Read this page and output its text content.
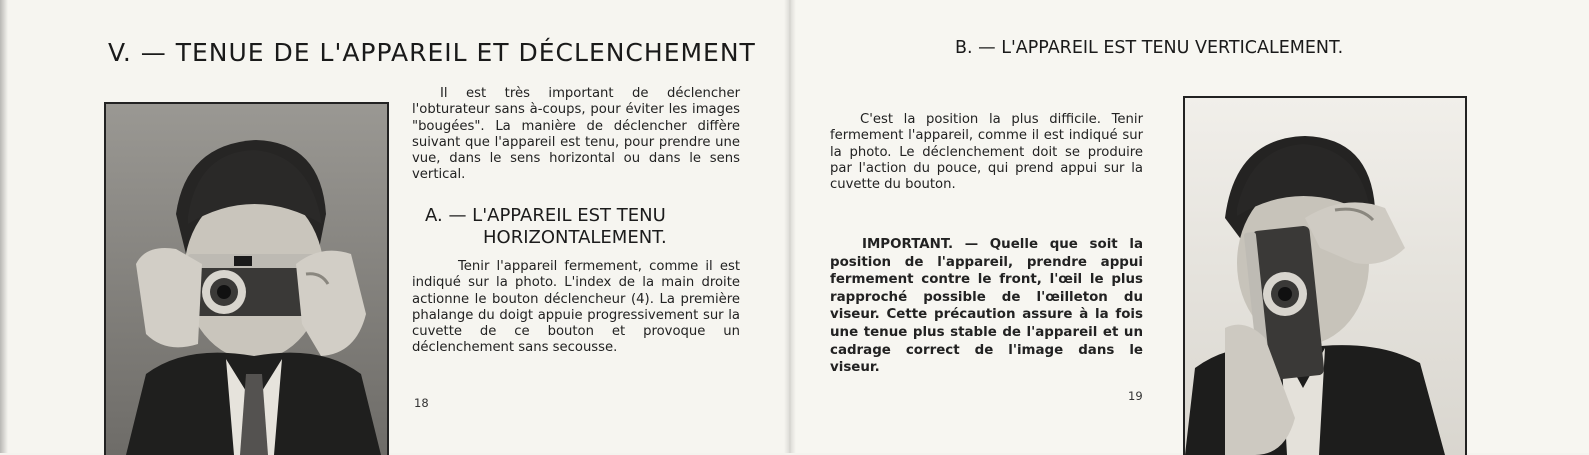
V. — TENUE DE L'APPAREIL ET DÉCLENCHEMENT

Il est très important de déclencher l'obturateur sans à-coups, pour éviter les images "bougées". La manière de déclencher diffère suivant que l'appareil est tenu, pour prendre une vue, dans le sens horizontal ou dans le sens vertical.

A. — L'APPAREIL EST TENU
HORIZONTALEMENT.

Tenir l'appareil fermement, comme il est indiqué sur la photo. L'index de la main droite actionne le bouton déclencheur (4). La première phalange du doigt appuie progressivement sur la cuvette de ce bouton et provoque un déclenchement sans secousse.

18

B. — L'APPAREIL EST TENU VERTICALEMENT.

C'est la position la plus difficile. Tenir fermement l'appareil, comme il est indiqué sur la photo. Le déclenchement doit se produire par l'action du pouce, qui prend appui sur la cuvette du bouton.

IMPORTANT. — Quelle que soit la position de l'appareil, prendre appui fermement contre le front, l'œil le plus rapproché possible de l'œilleton du viseur. Cette précaution assure à la fois une tenue plus stable de l'appareil et un cadrage correct de l'image dans le viseur.

19
